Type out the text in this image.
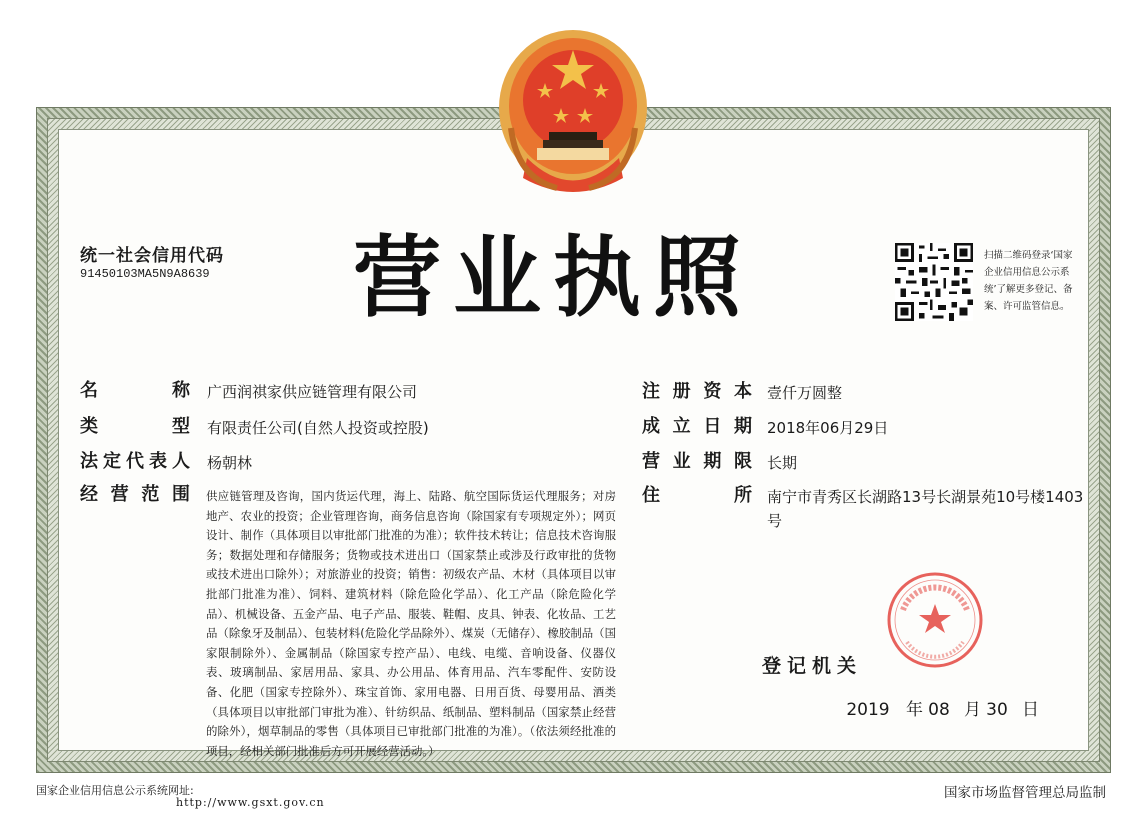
营业执照
统一社会信用代码
91450103MA5N9A8639
扫描二维码登录‘国家企业信用信息公示系统’了解更多登记、备案、许可监管信息。
名	称 广西润祺家供应链管理有限公司
类	型 有限责任公司(自然人投资或控股)
法 定 代 表 人 杨朝林
经 营 范 围 供应链管理及咨询，国内货运代理，海上、陆路、航空国际货运代理服务；对房地产、农业的投资；企业管理咨询，商务信息咨询（除国家有专项规定外）；网页设计、制作（具体项目以审批部门批准的为准）；软件技术转让；信息技术咨询服务；数据处理和存储服务；货物或技术进出口（国家禁止或涉及行政审批的货物或技术进出口除外）；对旅游业的投资；销售：初级农产品、木材（具体项目以审批部门批准为准）、饲料、建筑材料（除危险化学品）、化工产品（除危险化学品）、机械设备、五金产品、电子产品、服装、鞋帽、皮具、钟表、化妆品、工艺品（除象牙及制品）、包装材料(危险化学品除外）、煤炭（无储存）、橡胶制品（国家限制除外）、金属制品（除国家专控产品）、电线、电缆、音响设备、仪器仪表、玻璃制品、家居用品、家具、办公用品、体育用品、汽车零配件、安防设备、化肥（国家专控除外）、珠宝首饰、家用电器、日用百货、母婴用品、酒类（具体项目以审批部门审批为准）、针纺织品、纸制品、塑料制品（国家禁止经营的除外），烟草制品的零售（具体项目已审批部门批准的为准）。（依法须经批准的项目，经相关部门批准后方可开展经营活动。）
注 册 资 本 壹仟万圆整
成 立 日 期 2018年06月29日
营 业 期 限 长期
住	所 南宁市青秀区长湖路13号长湖景苑10号楼1403号
登记机关
2019 年 08 月 30 日
国家企业信用信息公示系统网址:
http://www.gsxt.gov.cn
国家市场监督管理总局监制
